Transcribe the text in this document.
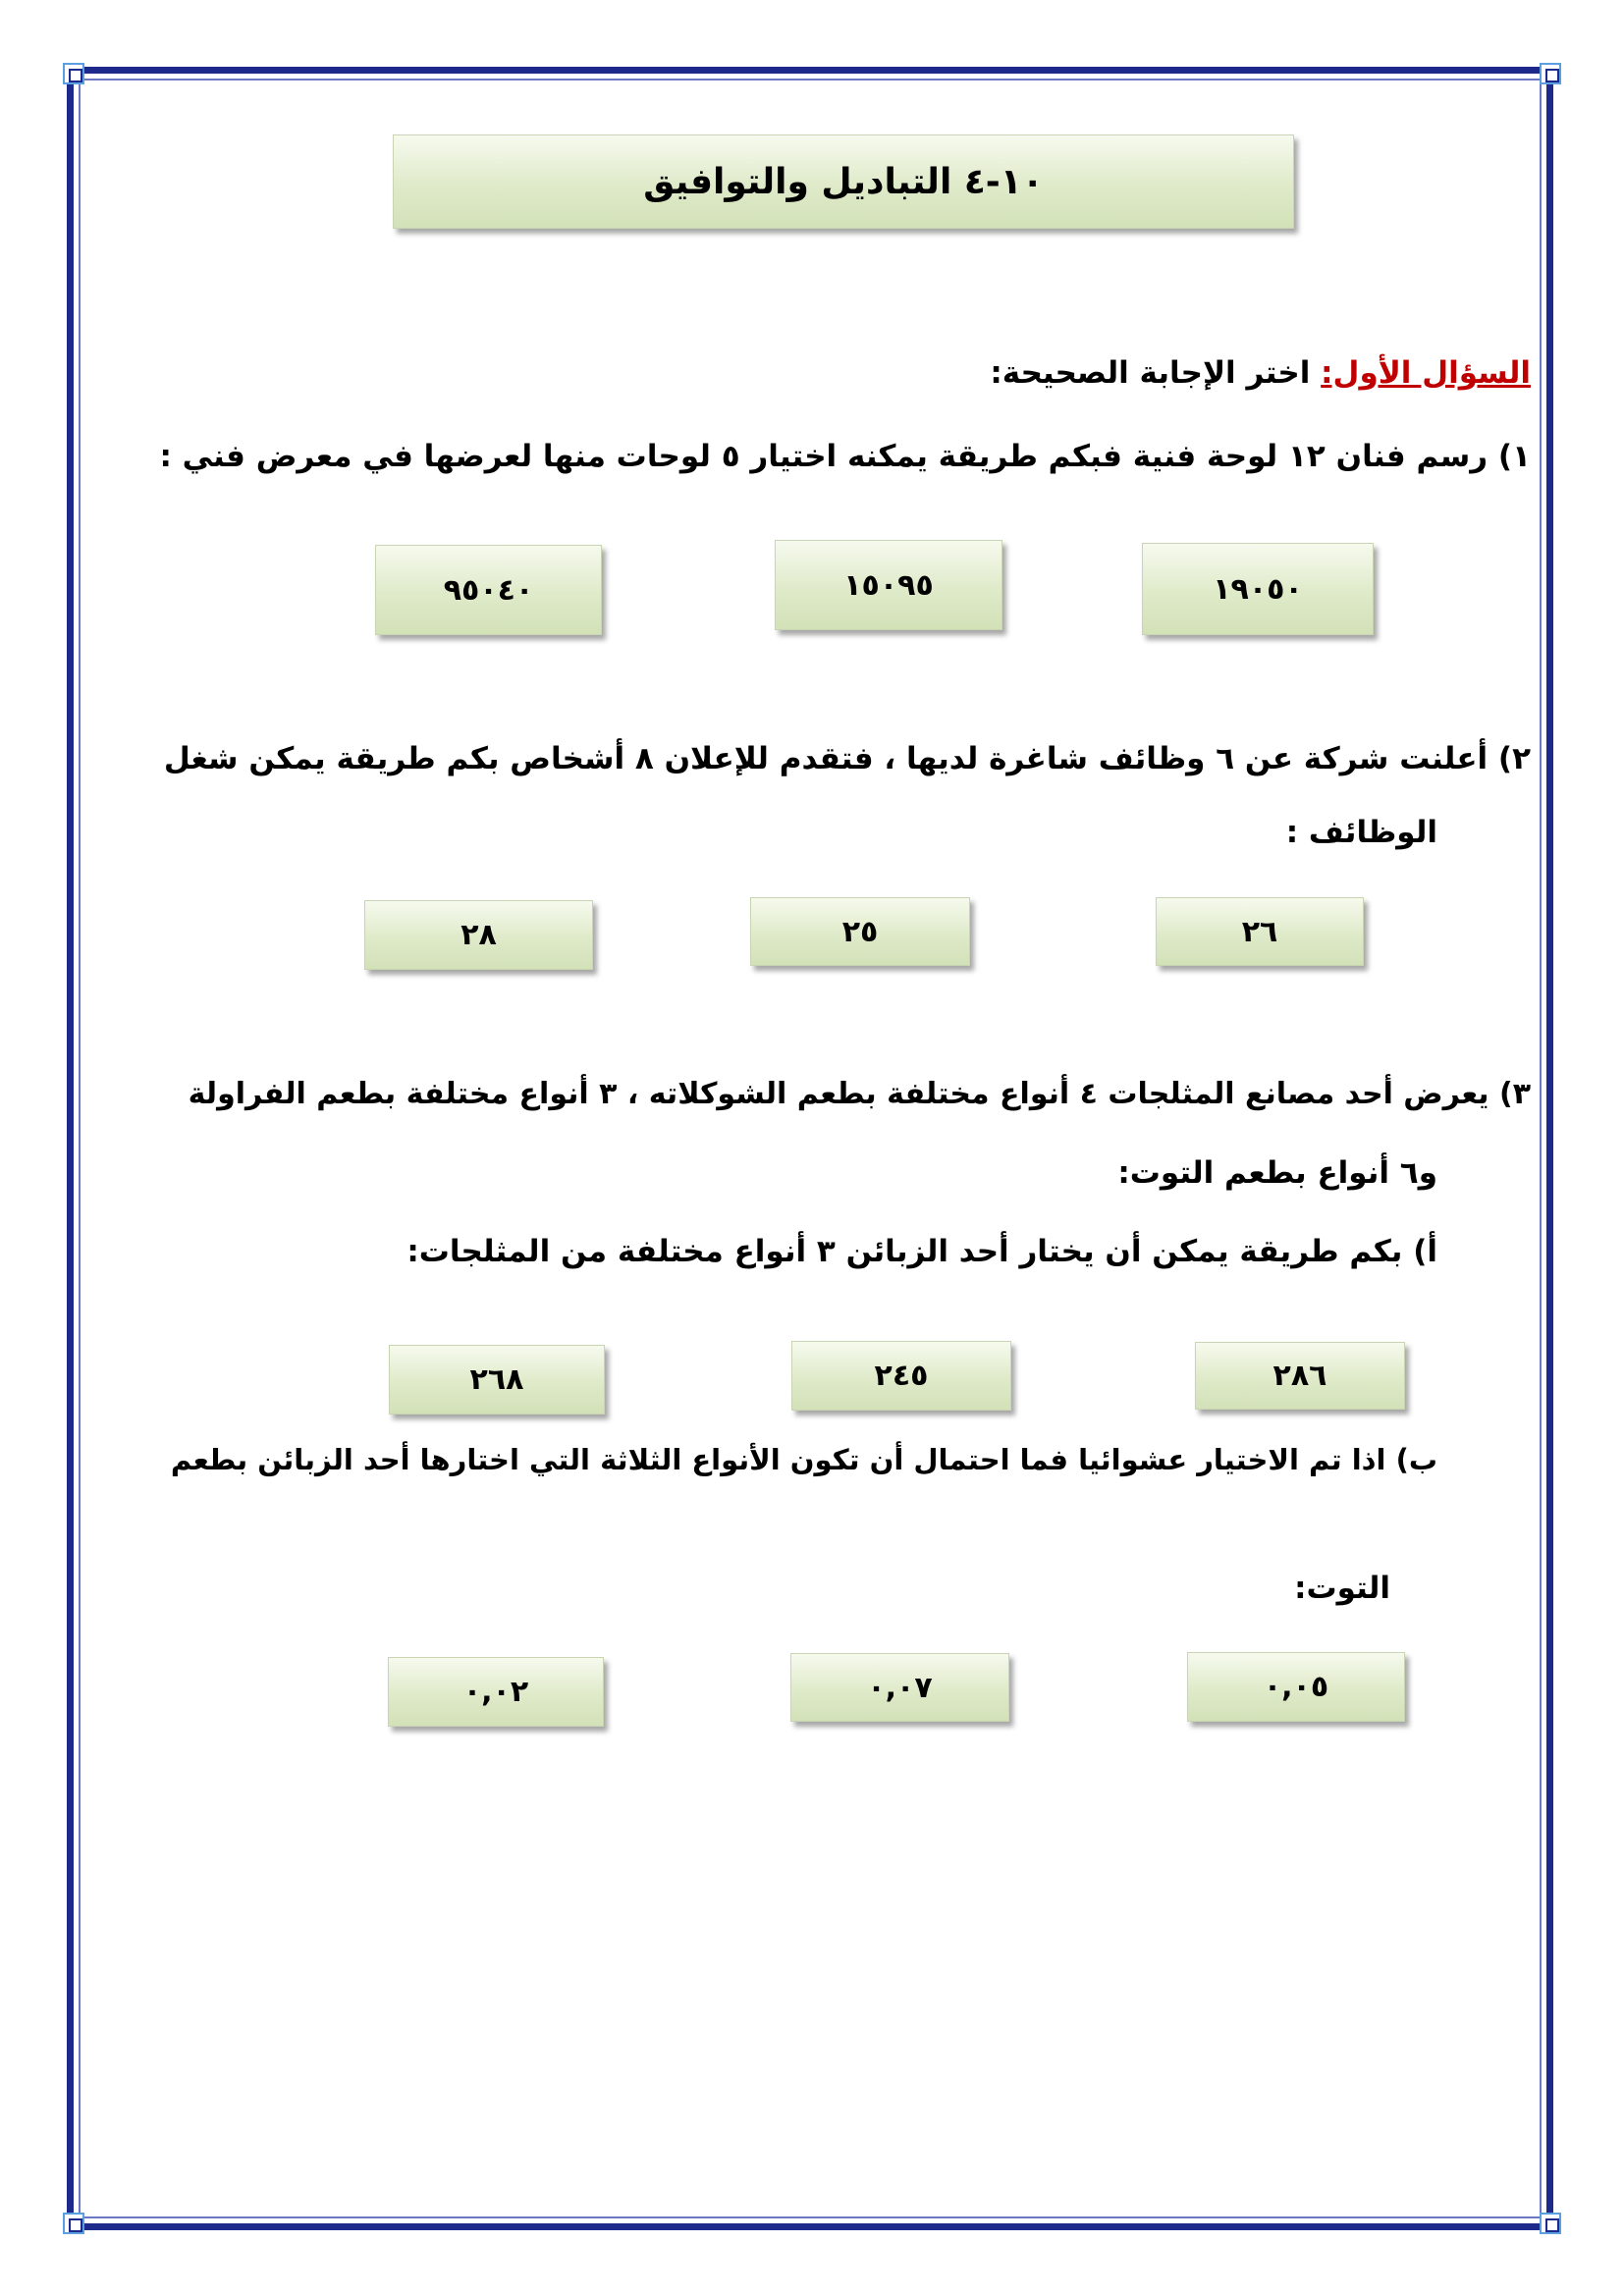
١٠-٤ التباديل والتوافيق
السؤال الأول: اختر الإجابة الصحيحة:
١) رسم فنان ١٢ لوحة فنية فبكم طريقة يمكنه اختيار ٥ لوحات منها لعرضها في معرض فني :
١٩٠٥٠
١٥٠٩٥
٩٥٠٤٠
٢) أعلنت شركة عن ٦ وظائف شاغرة لديها ، فتقدم للإعلان ٨ أشخاص بكم طريقة يمكن شغل
الوظائف :
٢٦
٢٥
٢٨
٣) يعرض أحد مصانع المثلجات ٤ أنواع مختلفة بطعم الشوكلاته ، ٣ أنواع مختلفة بطعم الفراولة
و٦ أنواع بطعم التوت:
أ) بكم طريقة يمكن أن يختار أحد الزبائن ٣ أنواع مختلفة من المثلجات:
٢٨٦
٢٤٥
٢٦٨
ب) اذا تم الاختيار عشوائيا فما احتمال أن تكون الأنواع الثلاثة التي اختارها أحد الزبائن بطعم
التوت:
٠,٠٥
٠,٠٧
٠,٠٢
